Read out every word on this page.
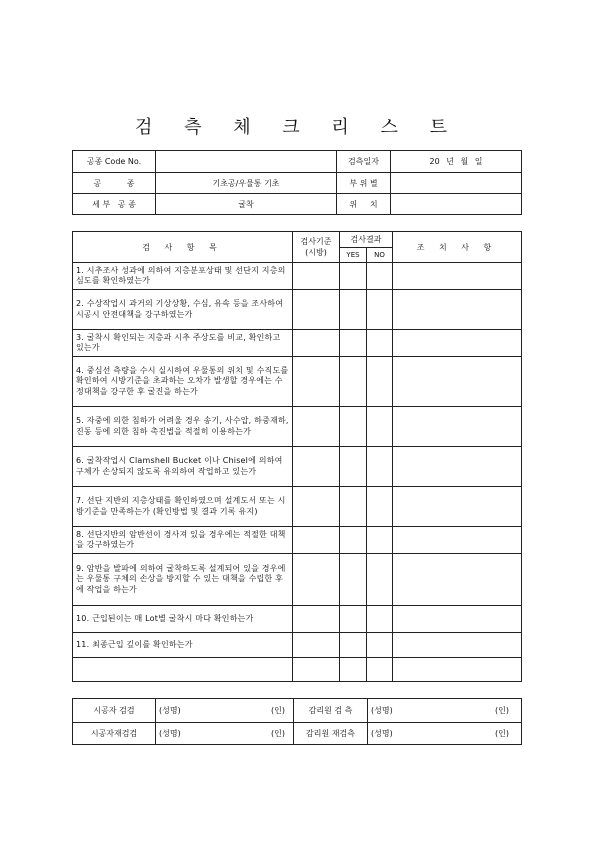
검 측 체 크 리 스 트
공종 Code No.		검측일자	20 년 월 일
공          종	기초공/우물통 기초	부 위 별	
세 부   공 종	굴착	위     치	
검 사 항 목	검사기준
(시방)	검사결과		조 치 사 항
		YES	NO	
1. 시추조사 성과에 의하여 지층분포상태 및 선단지 지층의 심도를 확인하였는가				
2. 수상작업시 과거의 기상상황, 수심, 유속 등을 조사하여 시공시 안전대책을 강구하였는가				
3. 굴착시 확인되는 지층과 시추 주상도를 비교, 확인하고 있는가				
4. 중심선 측량을 수시 실시하여 우물통의 위치 및 수직도를 확인하여 시방기준을 초과하는 오차가 발생할 경우에는 수정대책을 강구한 후 굴진을 하는가				
5. 자중에 의한 침하가 어려울 경우 송기, 사수압, 하중재하, 진동 등에 의한 침하 촉진법을 적절히 이용하는가				
6. 굴착작업시 Clamshell Bucket 이나 Chisel에 의하여 구체가 손상되지 않도록 유의하여 작업하고 있는가				
7. 선단 지반의 지층상태를 확인하였으며 설계도서 또는 시방기준을 만족하는가 (확인방법 및 결과 기록 유지)				
8. 선단지반의 암반선이 경사져 있을 경우에는 적절한 대책을 강구하였는가				
9. 암반을 발파에 의하여 굴착하도록 설계되어 있을 경우에는 우물통 구체의 손상을 방지할 수 있는 대책을 수립한 후에 작업을 하는가				
10. 근입된이는 매 Lot별 굴착시 마다 확인하는가				
11. 최종근입 깊이를 확인하는가				

시공자 검검	(성명)	(인)	감리원 검 측	(성명)	(인)
시공자재검검	(성명)	(인)	감리원 재검측	(성명)	(인)
